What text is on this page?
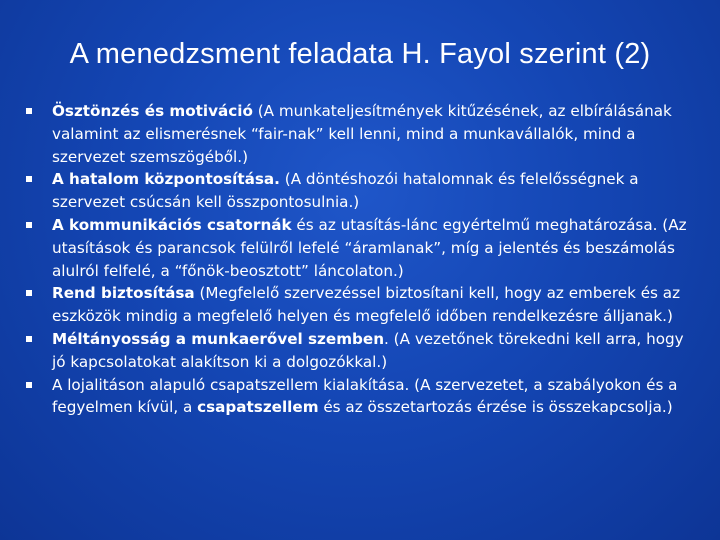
A menedzsment feladata H. Fayol szerint (2)
Ösztönzés és motiváció (A munkateljesítmények kitűzésének, az elbírálásának valamint az elismerésnek “fair-nak” kell lenni, mind a munkavállalók, mind a szervezet szemszögéből.)
A hatalom központosítása. (A döntéshozói hatalomnak és felelősségnek a szervezet csúcsán kell összpontosulnia.)
A kommunikációs csatornák és az utasítás-lánc egyértelmű meghatározása. (Az utasítások és parancsok felülről lefelé “áramlanak”, míg a jelentés és beszámolás alulról felfelé, a “főnök-beosztott” láncolaton.)
Rend biztosítása (Megfelelő szervezéssel biztosítani kell, hogy az emberek és az eszközök mindig a megfelelő helyen és megfelelő időben rendelkezésre álljanak.)
Méltányosság a munkaerővel szemben. (A vezetőnek törekedni kell arra, hogy jó kapcsolatokat alakítson ki a dolgozókkal.)
A lojalitáson alapuló csapatszellem kialakítása. (A szervezetet, a szabályokon és a fegyelmen kívül, a csapatszellem és az összetartozás érzése is összekapcsolja.)
